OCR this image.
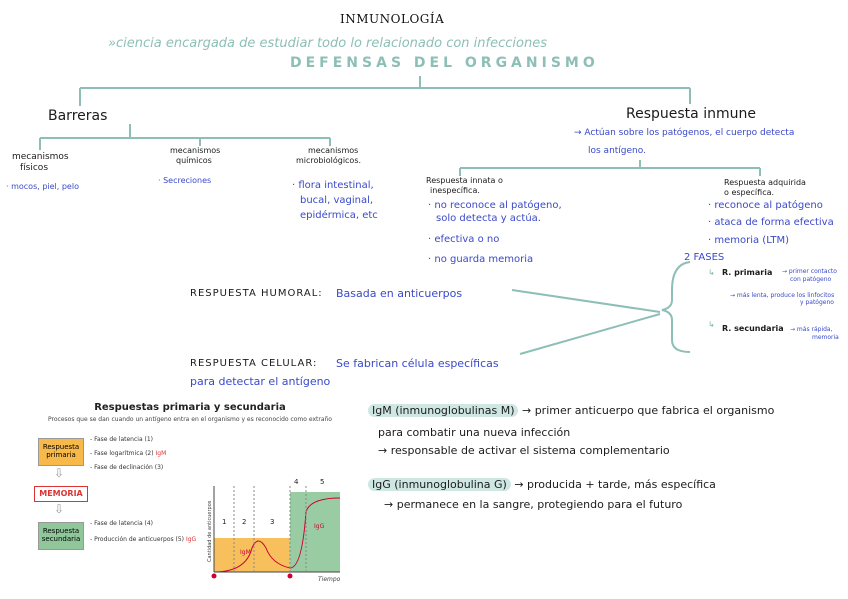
INMUNOLOGÍA
»ciencia encargada de estudiar todo lo relacionado con infecciones
DEFENSAS DEL ORGANISMO
Barreras
mecanismos
físicos
· mocos, piel, pelo
mecanismos
químicos
· Secreciones
mecanismos
microbiológicos.
· flora intestinal,
bucal, vaginal,
epidérmica, etc
Respuesta inmune
→ Actúan sobre los patógenos, el cuerpo detecta
los antígeno.
Respuesta innata o
inespecífica.
· no reconoce al patógeno,
solo detecta y actúa.
· efectiva o no
· no guarda memoria
Respuesta adquirida
o específica.
· reconoce al patógeno
· ataca de forma efectiva
· memoria (LTM)
2 FASES
↳ R. primaria → primer contacto
con patógeno
→ más lenta, produce los linfocitos
y patógeno
↳ R. secundaria → más rápida,
memoria
RESPUESTA HUMORAL: Basada en anticuerpos
RESPUESTA CELULAR: Se fabrican célula específicas
para detectar el antígeno
Respuestas primaria y secundaria
Procesos que se dan cuando un antígeno entra en el organismo y es reconocido como extraño
Respuesta
primaria
⇩
MEMORIA
⇩
Respuesta
secundaria
- Fase de latencia (1)
- Fase logarítmica (2) IgM
- Fase de declinación (3)
- Fase de latencia (4)
- Producción de anticuerpos (5) IgG
1 2	3
4	5
IgM
IgG
Tiempo
Cantidad de anticuerpos
IgM (inmunoglobulinas M) → primer anticuerpo que fabrica el organismo
para combatir una nueva infección
→ responsable de activar el sistema complementario
IgG (inmunoglobulina G) → producida + tarde, más específica
→ permanece en la sangre, protegiendo para el futuro
